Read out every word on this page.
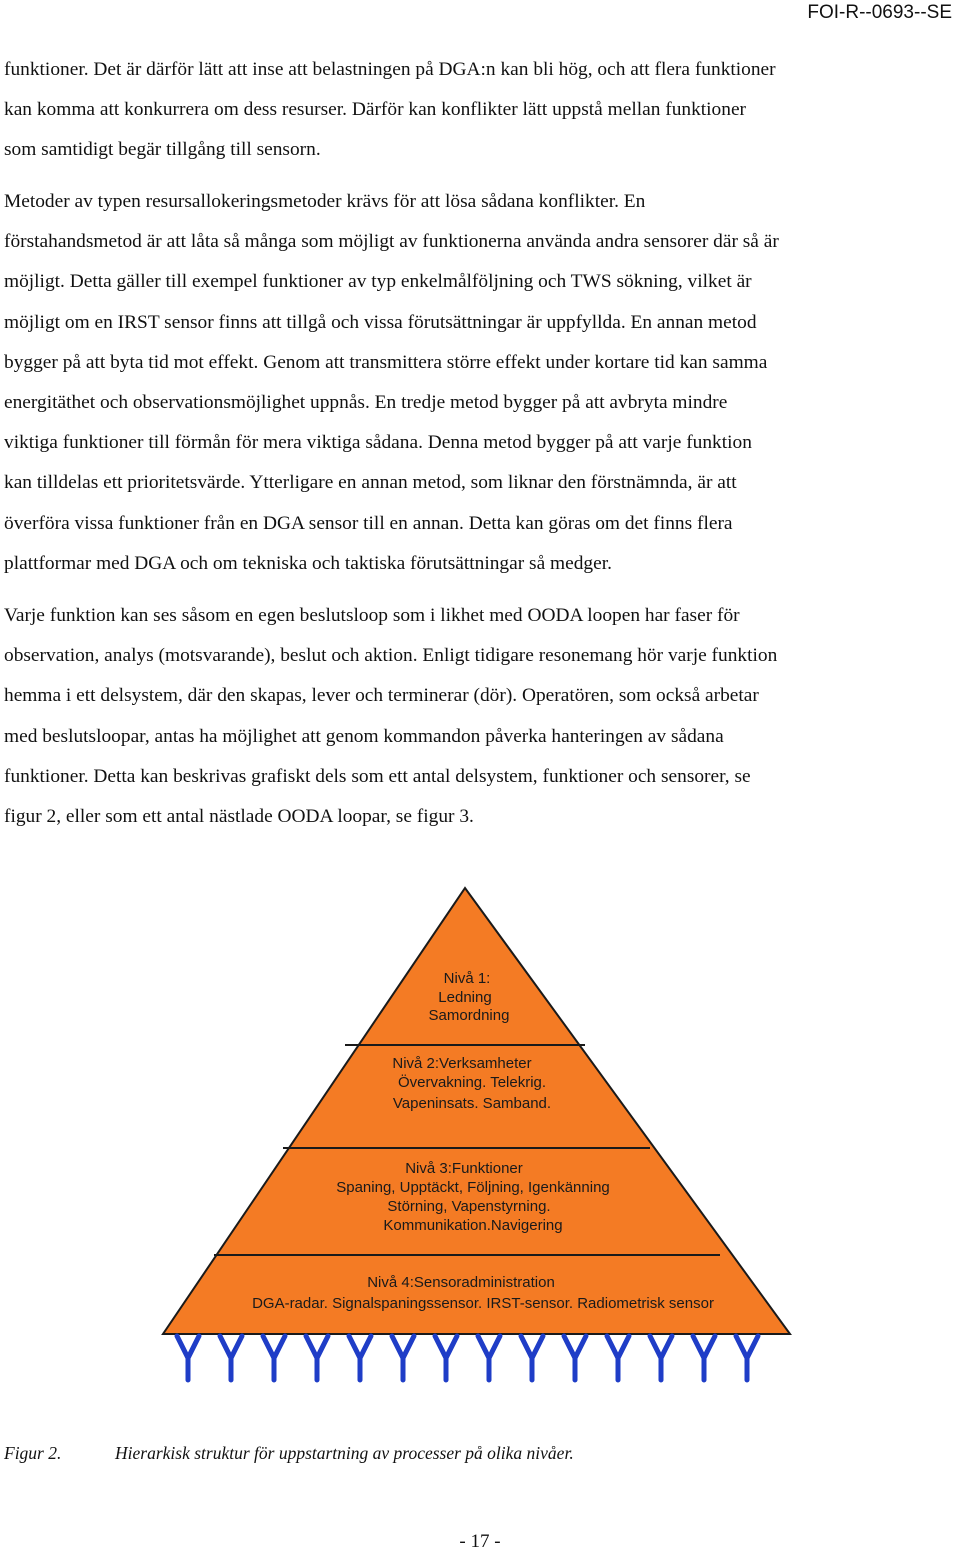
FOI-R--0693--SE

funktioner. Det är därför lätt att inse att belastningen på DGA:n kan bli hög, och att flera funktioner
kan komma att konkurrera om dess resurser. Därför kan konflikter lätt uppstå mellan funktioner
som samtidigt begär tillgång till sensorn.

Metoder av typen resursallokeringsmetoder krävs för att lösa sådana konflikter. En
förstahandsmetod är att låta så många som möjligt av funktionerna använda andra sensorer där så är
möjligt. Detta gäller till exempel funktioner av typ enkelmålföljning och TWS sökning, vilket är
möjligt om en IRST sensor finns att tillgå och vissa förutsättningar är uppfyllda. En annan metod
bygger på att byta tid mot effekt. Genom att transmittera större effekt under kortare tid kan samma
energitäthet och observationsmöjlighet uppnås. En tredje metod bygger på att avbryta mindre
viktiga funktioner till förmån för mera viktiga sådana. Denna metod bygger på att varje funktion
kan tilldelas ett prioritetsvärde. Ytterligare en annan metod, som liknar den förstnämnda, är att
överföra vissa funktioner från en DGA sensor till en annan. Detta kan göras om det finns flera
plattformar med DGA och om tekniska och taktiska förutsättningar så medger.

Varje funktion kan ses såsom en egen beslutsloop som i likhet med OODA loopen har faser för
observation, analys (motsvarande), beslut och aktion. Enligt tidigare resonemang hör varje funktion
hemma i ett delsystem, där den skapas, lever och terminerar (dör). Operatören, som också arbetar
med beslutsloopar, antas ha möjlighet att genom kommandon påverka hanteringen av sådana
funktioner. Detta kan beskrivas grafiskt dels som ett antal delsystem, funktioner och sensorer, se
figur 2, eller som ett antal nästlade OODA loopar, se figur 3.

Nivå 1:
Ledning
Samordning
Nivå 2:Verksamheter
Övervakning. Telekrig.
Vapeninsats. Samband.
Nivå 3:Funktioner
Spaning, Upptäckt, Följning, Igenkänning
Störning, Vapenstyrning.
Kommunikation.Navigering
Nivå 4:Sensoradministration
DGA-radar. Signalspaningssensor. IRST-sensor. Radiometrisk sensor
Figur 2.	Hierarkisk struktur för uppstartning av processer på olika nivåer.
- 17 -
